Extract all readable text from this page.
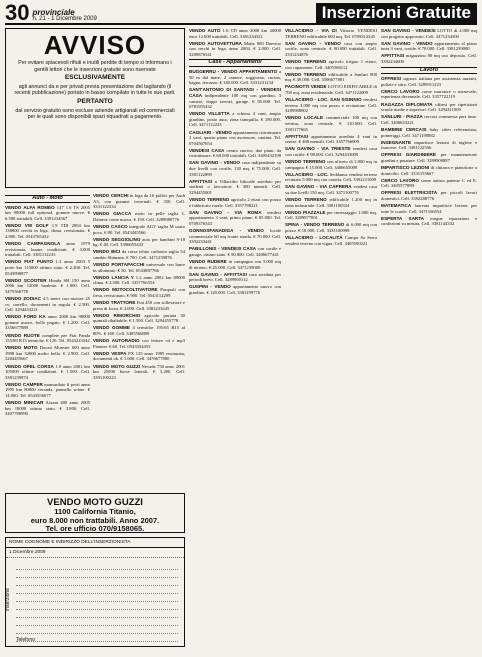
30 provinciale
n. 21 - 1 Dicembre 2009	Inserzioni Gratuite
AVVISO

Per evitare spiacevoli rifiuti e inutili perdite di tempo si informano i gentili lettori che le inserzioni gratuite sono riservate

ESCLUSIVAMENTE

agli annunci da e per privati previa presentazione del tagliando (il recenti pubblicazione) portato in basso compilato in tutte le sue parti.

PERTANTO

dal servizio gratuito sono escluse aziende artigianali ed commerciali per le quali sono disponibili spazi riquadrati a pagamento.

Auto - Moto

VENDO ALFA ROMEO 147 1.6 TS 2005 km 90000 full optional, gomme nuove. € 6.500 trattabili. Cell. 3391234567

VENDO VW GOLF 1.9 TDI 2004 km 138000 cerchi in lega, clima, revisionata. € 4.800. Tel. 0543765432

VENDO CAMPAGNOLA anno 1979 revisionata, buone condizioni. € 3.000 trattabili. Cell. 3381112233

VENDO FIAT PUNTO 1.2 anno 2003 5 porte km 115000 ottimo stato. € 2.200. Tel. 0543998877

VENDO SCOOTER Honda SH 150 anno 2006 km 12000 bauletto. € 1.800. Cell. 3475566778

VENDO ZODIAC 4.5 metri con motore 25 cv, carrello, documenti in regola. € 2.500. Cell. 3294433221

VENDO FORD KA anno 2000 km 98000 gomme nuove, bollo pagato. € 1.200. Cell. 3356677889

VENDO RUOTE complete per Fiat Panda 155/80 R13 termiche. € 120. Tel. 0543223344

VENDO MOTO Ducati Monster 600 anno 1998 km 32000 molto bella. € 2.900. Cell. 3284455667

VENDO OPEL CORSA 1.0 anno 2001 km 105000 ottime condizioni. € 1.500. Cell. 3381239874

VENDO CAMPER mansardato 6 posti anno 1995 km 80000 veranda, pannello solare. € 14.000. Tel. 0543556677

VENDO MINICAR Aixam 400 anno 2005 km 18000 ottimo stato. € 3.800. Cell. 3407788990

VENDO CERCHI in lega da 16 pollici per Audi A3, con gomme invernali. € 350. Cell. 3331122334

VENDO GIACCA moto in pelle taglia L Dainese come nuova. € 150. Cell. 3289988776

VENDO CASCO integrale AGV taglia M usato poco. € 80. Tel. 0543445566

VENDO SEGGIOLINO auto per bambini 9-18 kg. € 40. Cell. 3396655443

VENDO BICI da corsa telaio carbonio taglia 54 cambio Shimano. € 700. Cell. 3471239876

VENDO PORTAPACCHI universale con barre in alluminio. € 50. Tel. 0543887766

VENDO LANCIA Y 1.2 anno 2002 km 89000 clima. € 2.300. Cell. 3357766554

VENDO MOTOCOLTIVATORE Pasquali con fresa, revisionato. € 900. Tel. 0543112299

VENDO TRATTORE Fiat 450 con sollevatore e presa di forza. € 4.000. Cell. 3382233445

VENDO RIMORCHIO agricolo portata 30 quintali ribaltabile. € 1.500. Cell. 3294455778

VENDO GOMME 4 termiche 195/65 R15 al 80%. € 160. Cell. 3405566889

VENDO AUTORADIO con lettore cd e mp3 Pioneer. € 60. Tel. 0543334455

VENDO VESPA PX 125 anno 1985 restaurata, documenti ok. € 1.600. Cell. 3476677880

VENDO MOTO GUZZI Nevada 750 anno 2001 km 25000 borse laterali. € 3.200. Cell. 3391100223

VENDO MOTO GUZZI
1100 California Titanio,
euro 8.000 non trattabili. Anno 2007.
Tel. ore ufficio 070/9158065.
NOME COGNOME E INDIRIZZO DELL'INSERZIONISTA
1 Dicembre 2009
Inserzione
Telefono

VENDO AUTO 1.6 TD anno 2008 km 40000 euro 12.000 trattabili. Cell. 3381234321

VENDO AUTOVETTURA Matiz 800 Daewoo con cerchi in lega, anno 2004. € 2.000. Cell. 3289876541

Case - Appartamenti

BUGGERRU - VENDO APPARTAMENTO a 50 m dal mare, 2 camere, soggiorno, cucina, bagno, terrazzo. € 140.000. Cell. 3331231234

SANT'ANTONIO DI SANTADI - VENDESI CASA indipendente 100 mq con giardino, 3 camere, doppi servizi, garage. € 95.000. Tel. 0781955432

VENDO VILLETTA a schiera 4 vani, ampio giardino, posto auto, zona tranquilla. € 180.000. Cell. 3471112233

CAGLIARI - VENDO appartamento ristrutturato 3 vani, quarto piano con ascensore, cantina. Tel. 0704567654

VENDESI CASA centro storico, due piani, da ristrutturare. € 60.000 trattabili. Cell. 3405432198

SAN GAVINO - VENDO casa indipendente su due livelli con cortile, 130 mq. € 75.000. Cell. 3381122899

AFFITTASI a Villacidro bilocale arredato per studenti o lavoratori. € 300 mensili. Cell. 3294455001

VENDO TERRENO agricolo 2 ettari con pozzo e fabbricato rurale. Cell. 3357788221

SAN GAVINO - VIA ROMA vendesi appartamento 3 vani, primo piano. € 85.000. Tel. 0709376543

GONNOSFANADIGA - VENDO locale commerciale 60 mq fronte strada. € 70.000. Cell. 3392233441

PABILLONIS - VENDESI CASA con cortile e garage, ottimo stato. € 90.000. Cell. 3406677441

VENDO RUDERE in campagna con 5.000 mq di terreno. € 25.000. Cell. 3471239000

SAN GAVINO - AFFITTASI casa arredata per periodi brevi. Cell. 3289900112

GUSPINI - VENDO appartamento nuovo con giardino. € 120.000. Cell. 3381199776

VILLACIDRO - VIA DI Vittorio VENDESI TERRENO edificabile 600 mq. Tel. 0709312345

SAN GAVINO - VENDO casa con ampio cortile, zona centrale. € 80.000 trattabili. Cell. 3331234876

VENDO TERRENO agricolo irriguo 1 ettaro, con capannone. Cell. 3405566112

VENDO TERRENO edificabile a Sanluri 800 mq. € 40.000. Cell. 3396677881

PACINOTTI VENDE LOTTO EDIFICABILE di 700 mq, zona residenziale. Cell. 3471122009

VILLACIDRO - LOC. SAN SISINNIO vendesi terreno 3.000 mq con pozzo e recinzione. Cell. 3289988002

VENDO LOCALE commerciale 100 mq con vetrina, zona centrale. € 110.000. Cell. 3381177665

AFFITTASI appartamento arredato 4 vani in centro. € 400 mensili. Cell. 3357766009

SAN GAVINO - VIA TRIESTE vendesi casa con cortile. € 98.000. Cell. 3294433009

VENDO TERRENO con uliveto di 2.000 mq in campagna. € 15.000. Cell. 3406655009

VILLACIDRO - LOC. Seddanus vendesi terreno recintato 5.000 mq con casetta. Cell. 3392211009

SAN GAVINO - VIA CAPRERA vendesi casa su due livelli 150 mq. Cell. 3471100776

VENDO TERRENO edificabile 1.200 mq in zona industriale. Cell. 3381100334

VENDO PIAZZALE per rimessaggio 1.000 mq. Cell. 3289977001

SPINA - VENDO TERRENO di 6.000 mq con pozzo. € 18.000. Cell. 3331100998

VILLACIDRO - LOCALITÀ Campu Sa Serra vendesi terreno con vigna. Cell. 3405500221

SAN GAVINO - VENDESI LOTTO di 2.000 mq con progetto approvato. Cell. 3471234500

SAN GAVINO - VENDO appartamento al piano terra 3 vani, cortile. € 70.000. Cell. 3381239000

AFFITTASI magazzino 80 mq uso deposito. Cell. 3392234000

Lavoro

OFFRESI signora italiana per assistenza anziani, pulizie e stiro. Cell. 3289911223

CERCO LAVORO come muratore o manovale, esperienza decennale. Cell. 3357722119

RAGAZZA DIPLOMATA offresi per ripetizioni scuole medie e superiori. Cell. 3294411009

SANLURI - PIAZZA cercasi commessa part time. Cell. 3406633221

BAMBINE CERCASI baby sitter referenziata, pomeriggi. Cell. 3471199882

INSEGNANTE impartisce lezioni di inglese e francese. Cell. 3381122556

OFFRESI GIARDINIERE per manutenzione giardini e potature. Cell. 3289900887

IMPARTISCO LEZIONI di chitarra e pianoforte a domicilio. Cell. 3331155667

CERCO LAVORO come autista patente C ed E. Cell. 3405577889

OFFRESI ELETTRICISTA per piccoli lavori domestici. Cell. 3392288776

MATEMATICA laureata impartisce lezioni per tutte le scuole. Cell. 3471166554

ESPERTA SARTA esegue riparazioni e confezioni su misura. Cell. 3381144332
